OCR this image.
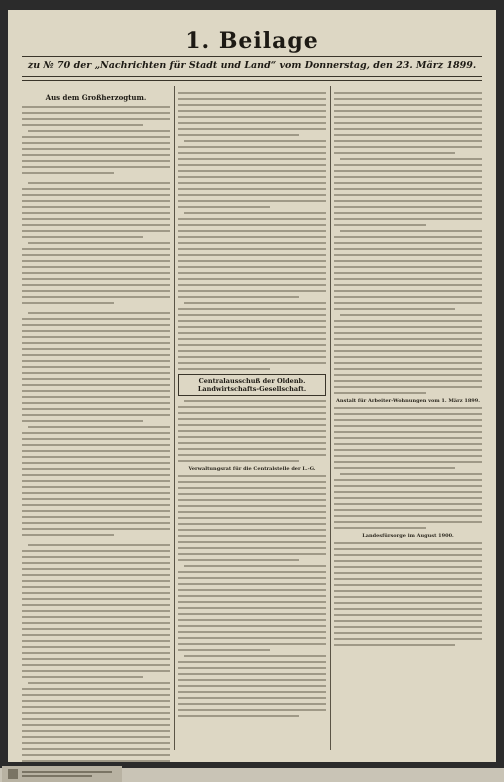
1. Beilage
zu № 70 der „Nachrichten für Stadt und Land“ vom Donnerstag, den 23. März 1899.
Aus dem Großherzogtum.
Centralausschuß der Oldenb. Landwirtschafts-Gesellschaft.
Verwaltungsrat für die Centralstelle der L.-G.
Anstalt für Arbeiter-Wohnungen vom 1. März 1899.
Landesfürsorge im August 1900.
